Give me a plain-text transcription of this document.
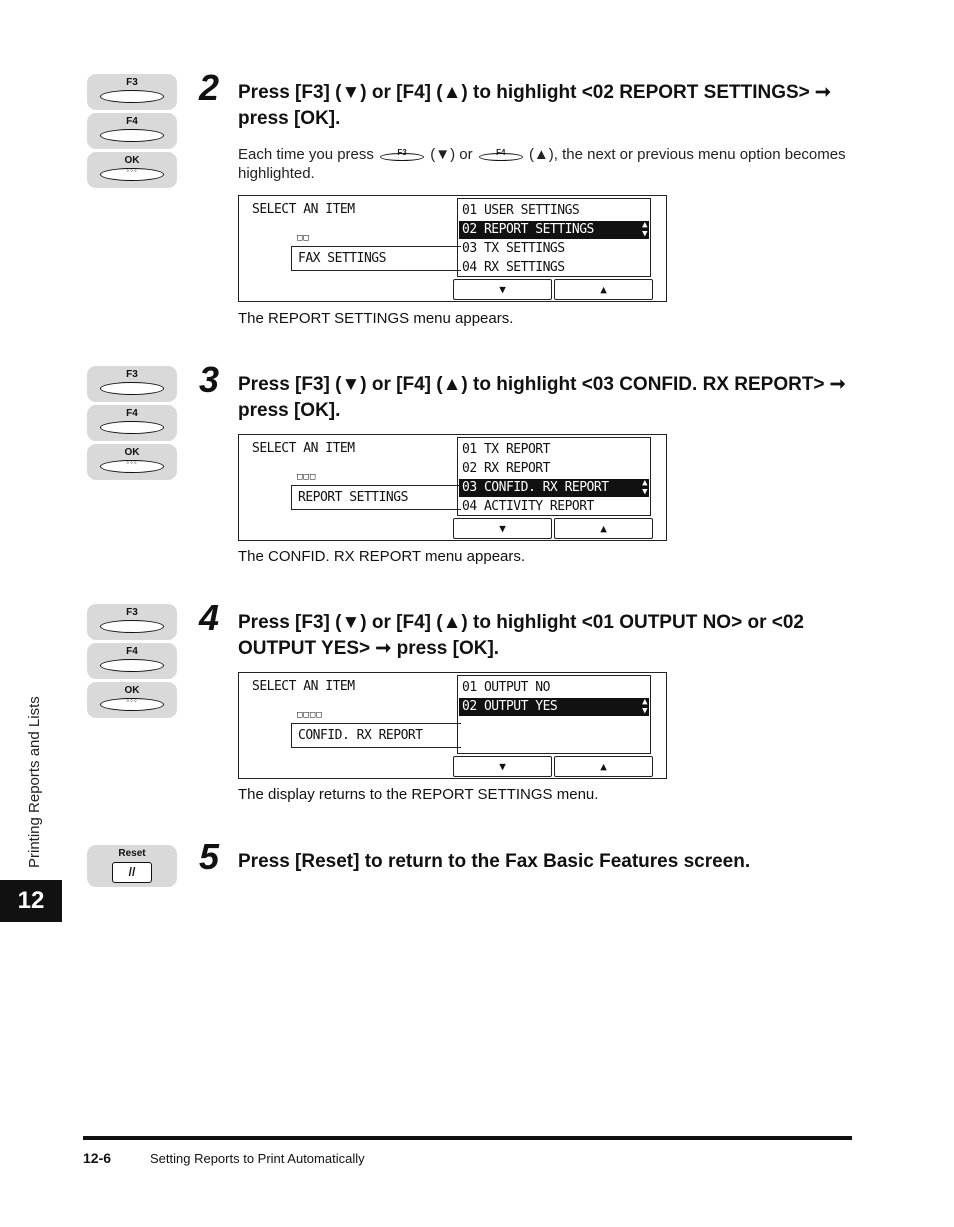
F3
F4
OK
◦◦◦
2 Press [F3] (▼) or [F4] (▲) to highlight <02 REPORT SETTINGS> ➞ press [OK].
Each time you press	F3	(▼) or	F4	(▲), the next or previous menu option becomes highlighted.
SELECT AN ITEM
□□
FAX SETTINGS
01 USER SETTINGS
02 REPORT SETTINGS	▲
▼
03 TX SETTINGS
04 RX SETTINGS
▼	▲
The REPORT SETTINGS menu appears.
F3
F4
OK
◦◦◦
3 Press [F3] (▼) or [F4] (▲) to highlight <03 CONFID. RX REPORT> ➞ press [OK].
SELECT AN ITEM
□□□
REPORT SETTINGS
01 TX REPORT
02 RX REPORT
03 CONFID. RX REPORT	▲
▼
04 ACTIVITY REPORT
▼	▲
The CONFID. RX REPORT menu appears.
F3
F4
OK
◦◦◦
4 Press [F3] (▼) or [F4] (▲) to highlight <01 OUTPUT NO> or <02 OUTPUT YES> ➞ press [OK].
SELECT AN ITEM
□□□□
CONFID. RX REPORT
01 OUTPUT NO
02 OUTPUT YES	▲
▼
▼	▲
The display returns to the REPORT SETTINGS menu.
Reset
//	5 Press [Reset] to return to the Fax Basic Features screen.
Printing Reports and Lists
12
12-6	Setting Reports to Print Automatically
